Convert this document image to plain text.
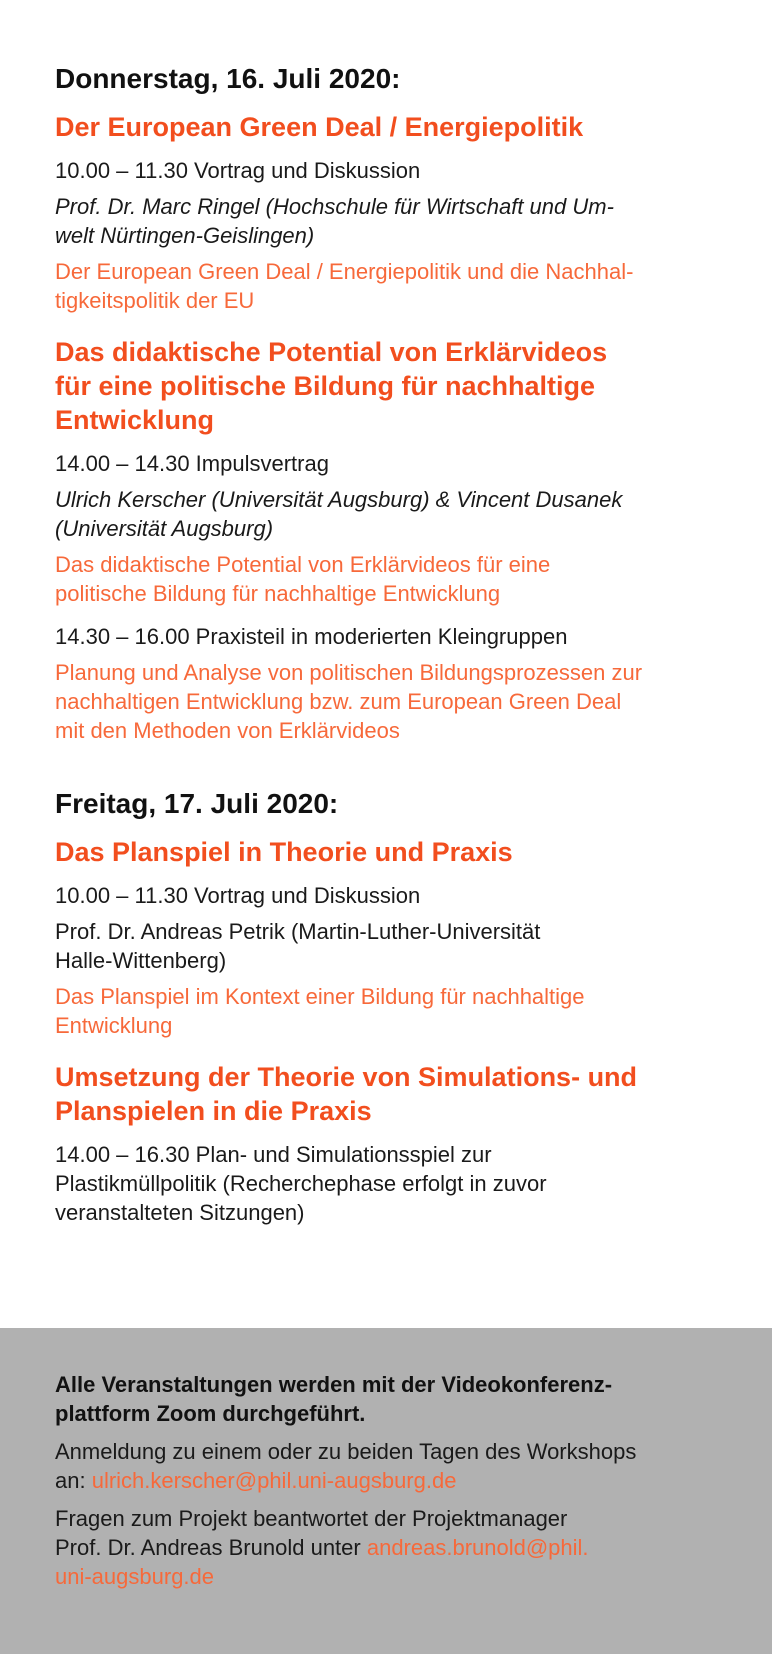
Donnerstag, 16. Juli 2020:

Der European Green Deal / Energiepolitik

10.00 – 11.30 Vortrag und Diskussion

Prof. Dr. Marc Ringel (Hochschule für Wirtschaft und Um-

welt Nürtingen-Geislingen)

Der European Green Deal / Energiepolitik und die Nachhal-

tigkeitspolitik der EU

Das didaktische Potential von Erklärvideos

für eine politische Bildung für nachhaltige

Entwicklung

14.00 – 14.30 Impulsvertrag

Ulrich Kerscher (Universität Augsburg) & Vincent Dusanek

(Universität Augsburg)

Das didaktische Potential von Erklärvideos für eine

politische Bildung für nachhaltige Entwicklung

14.30 – 16.00 Praxisteil in moderierten Kleingruppen

Planung und Analyse von politischen Bildungsprozessen zur

nachhaltigen Entwicklung bzw. zum European Green Deal

mit den Methoden von Erklärvideos

Freitag, 17. Juli 2020:

Das Planspiel in Theorie und Praxis

10.00 – 11.30 Vortrag und Diskussion

Prof. Dr. Andreas Petrik (Martin-Luther-Universität

Halle-Wittenberg)

Das Planspiel im Kontext einer Bildung für nachhaltige

Entwicklung

Umsetzung der Theorie von Simulations- und

Planspielen in die Praxis

14.00 – 16.30 Plan- und Simulationsspiel zur

Plastikmüllpolitik (Recherchephase erfolgt in zuvor

veranstalteten Sitzungen)

Alle Veranstaltungen werden mit der Videokonferenz-

plattform Zoom durchgeführt.

Anmeldung zu einem oder zu beiden Tagen des Workshops

an: ulrich.kerscher@phil.uni-augsburg.de

Fragen zum Projekt beantwortet der Projektmanager

Prof. Dr. Andreas Brunold unter andreas.brunold@phil.

uni-augsburg.de
